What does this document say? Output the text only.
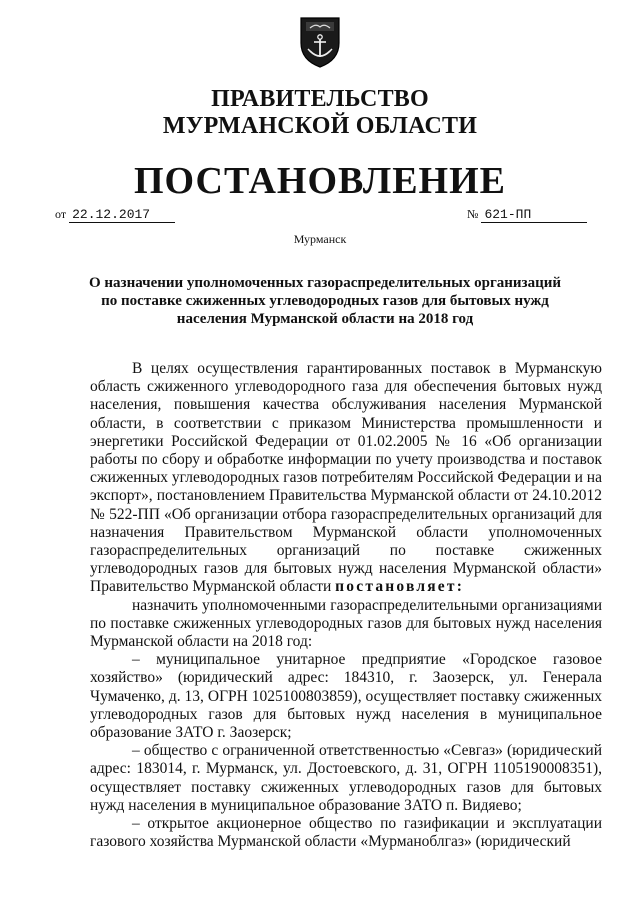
ПРАВИТЕЛЬСТВО
МУРМАНСКОЙ ОБЛАСТИ
ПОСТАНОВЛЕНИЕ
от 22.12.2017	№ 621-ПП
Мурманск
О назначении уполномоченных газораспределительных организаций по поставке сжиженных углеводородных газов для бытовых нужд населения Мурманской области на 2018 год

В целях осуществления гарантированных поставок в Мурманскую область сжиженного углеводородного газа для обеспечения бытовых нужд населения, повышения качества обслуживания населения Мурманской области, в соответствии с приказом Министерства промышленности и энергетики Российской Федерации от 01.02.2005 № 16 «Об организации работы по сбору и обработке информации по учету производства и поставок сжиженных углеводородных газов потребителям Российской Федерации и на экспорт», постановлением Правительства Мурманской области от 24.10.2012 № 522-ПП «Об организации отбора газораспределительных организаций для назначения Правительством Мурманской области уполномоченных газораспределительных организаций по поставке сжиженных углеводородных газов для бытовых нужд населения Мурманской области» Правительство Мурманской области постановляет:

назначить уполномоченными газораспределительными организациями по поставке сжиженных углеводородных газов для бытовых нужд населения Мурманской области на 2018 год:

– муниципальное унитарное предприятие «Городское газовое хозяйство» (юридический адрес: 184310, г. Заозерск, ул. Генерала Чумаченко, д. 13, ОГРН 1025100803859), осуществляет поставку сжиженных углеводородных газов для бытовых нужд населения в муниципальное образование ЗАТО г. Заозерск;

– общество с ограниченной ответственностью «Севгаз» (юридический адрес: 183014, г. Мурманск, ул. Достоевского, д. 31, ОГРН 1105190008351), осуществляет поставку сжиженных углеводородных газов для бытовых нужд населения в муниципальное образование ЗАТО п. Видяево;

– открытое акционерное общество по газификации и эксплуатации газового хозяйства Мурманской области «Мурманоблгаз» (юридический
